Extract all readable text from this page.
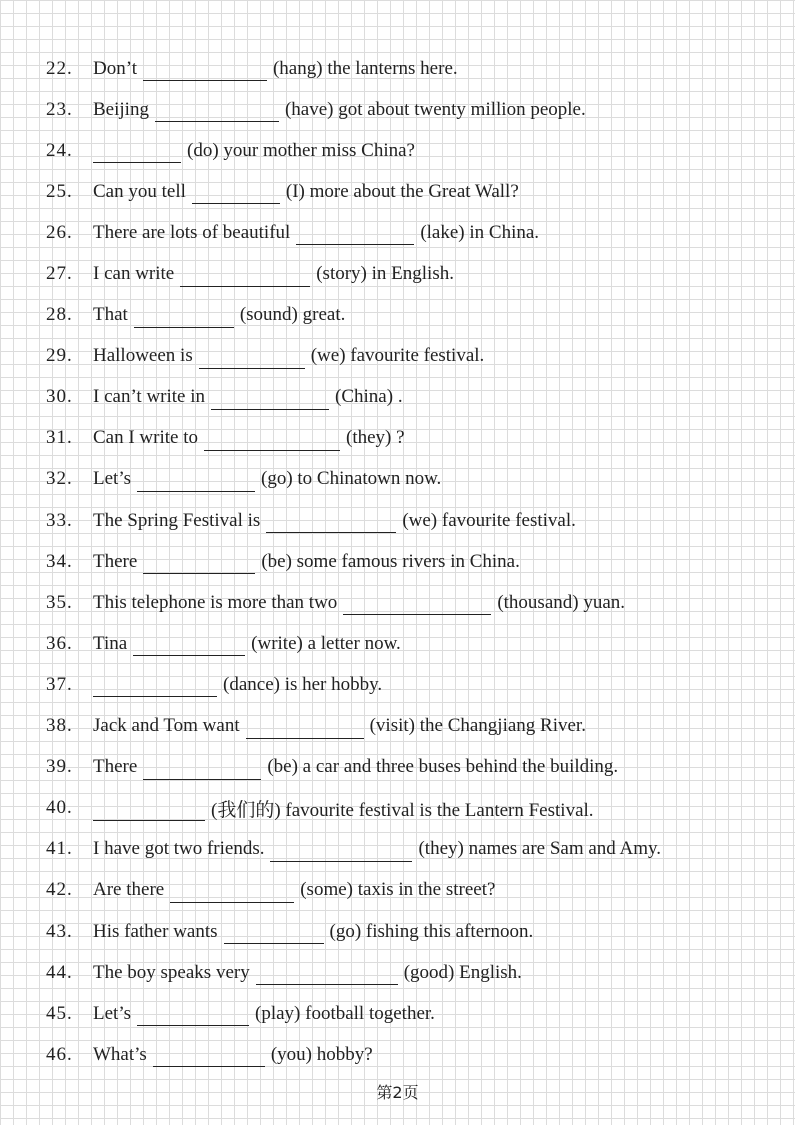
22.	Don’t	(hang) the lanterns here.
23.	Beijing	(have) got about twenty million people.
24.	(do) your mother miss China?
25.	Can you tell	(I) more about the Great Wall?
26.	There are lots of beautiful	(lake) in China.
27.	I can write	(story) in English.
28.	That	(sound) great.
29.	Halloween is	(we) favourite festival.
30.	I can’t write in	(China) .
31.	Can I write to	(they) ?
32.	Let’s	(go) to Chinatown now.
33.	The Spring Festival is	(we) favourite festival.
34.	There	(be) some famous rivers in China.
35.	This telephone is more than two	(thousand) yuan.
36.	Tina	(write) a letter now.
37.	(dance) is her hobby.
38.	Jack and Tom want	(visit) the Changjiang River.
39.	There	(be) a car and three buses behind the building.
40.	(我们的) favourite festival is the Lantern Festival.
41.	I have got two friends.	(they) names are Sam and Amy.
42.	Are there	(some) taxis in the street?
43.	His father wants	(go) fishing this afternoon.
44.	The boy speaks very	(good) English.
45.	Let’s	(play) football together.
46.	What’s	(you) hobby?
第2页
